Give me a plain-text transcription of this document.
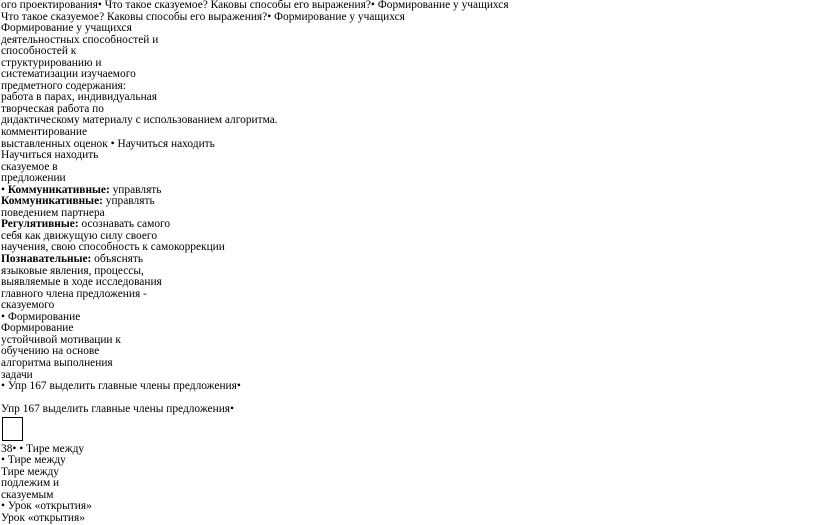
ого проектирования• Что такое сказуемое? Каковы способы его выражения?• Формирование у учащихся
Что такое сказуемое? Каковы способы его выражения?• Формирование у учащихся
Формирование у учащихся
деятельностных способностей и
способностей к
структурированию и
систематизации изучаемого
предметного содержания:
работа в парах, индивидуальная
творческая работа по
дидактическому материалу с использованием алгоритма.
комментирование
выставленных оценок • Научиться находить
Научиться находить
сказуемое в
предложении
• Коммуникативные: управлять
Коммуникативные: управлять
поведением партнера
Регулятивные: осознавать самого
себя как движущую силу своего
научения, свою способность к самокоррекции
Познавательные: объяснять
языковые явления, процессы,
выявляемые в ходе исследования
главного члена предложения -
сказуемого
• Формирование
Формирование
устойчивой мотивации к
обучению на основе
алгоритма выполнения
задачи
• Упр 167 выделить главные члены предложения•
Упр 167 выделить главные члены предложения•
38• • Тире между
• Тире между
Тире между
подлежим и
сказуемым
• Урок «открытия»
Урок «открытия»
